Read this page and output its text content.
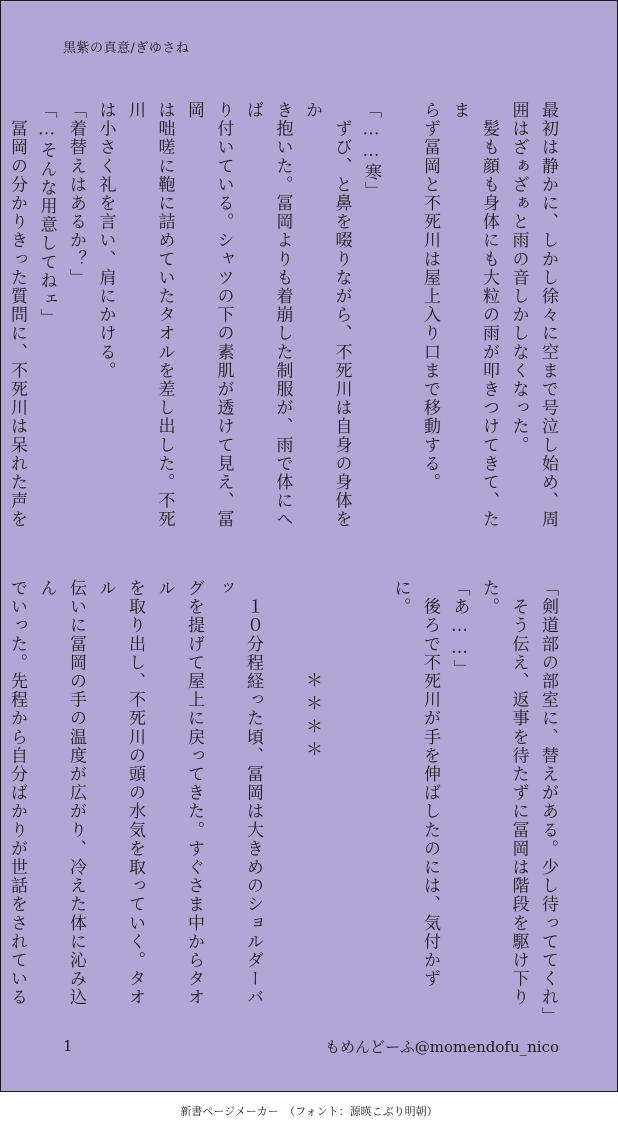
黒紫の真意/ぎゆさね

最初は静かに、しかし徐々に空まで号泣し始め、周

囲はざぁざぁと雨の音しかしなくなった。

　髪も顔も身体にも大粒の雨が叩きつけてきて、たま

らず冨岡と不死川は屋上入り口まで移動する。

「……寒」

　ずび、と鼻を啜りながら、不死川は自身の身体をか

き抱いた。冨岡よりも着崩した制服が、雨で体にへば

り付いている。シャツの下の素肌が透けて見え、冨岡

は咄嗟に鞄に詰めていたタオルを差し出した。不死川

は小さく礼を言い、肩にかける。

「着替えはあるか？」

「…そんな用意してねェ」

　冨岡の分かりきった質問に、不死川は呆れた声を

「剣道部の部室に、替えがある。少し待っててくれ」

　そう伝え、返事を待たずに冨岡は階段を駆け下りた。

「あ……」

　後ろで不死川が手を伸ばしたのには、気付かずに。

　　　　＊＊＊＊

　１０分程経った頃、冨岡は大きめのショルダーバッ

グを提げて屋上に戻ってきた。すぐさま中からタオル

を取り出し、不死川の頭の水気を取っていく。タオル

伝いに冨岡の手の温度が広がり、冷えた体に沁み込ん

でいった。先程から自分ばかりが世話をされている

1	もめんどーふ@momendofu_nico
新書ページメーカー　（フォント：源暎こぶり明朝）
